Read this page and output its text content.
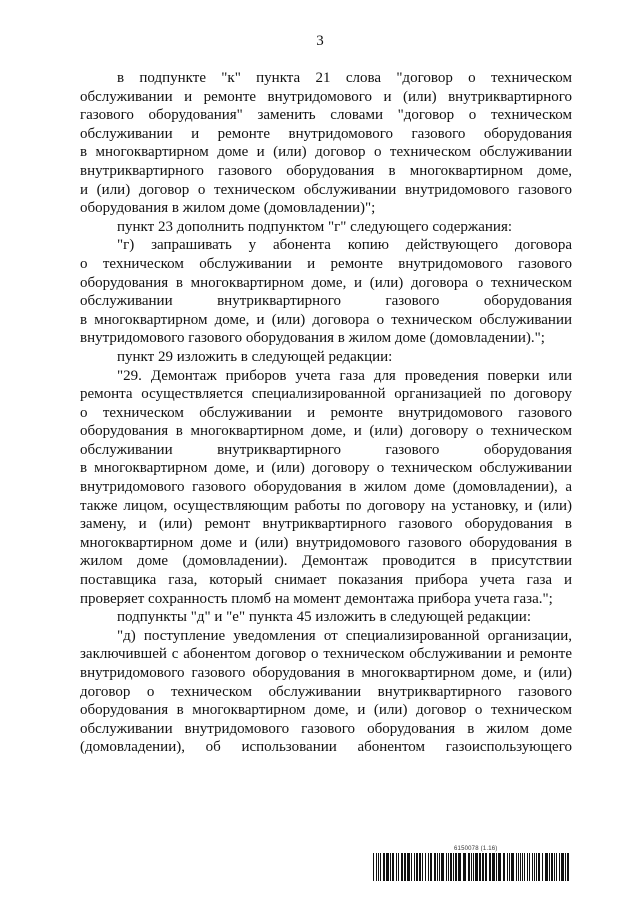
3
в подпунктe "к" пункта 21 слова "договор о техническом
обслуживании и ремонте внутридомового и (или) внутриквартирного
газового оборудования" заменить словами "договор о техническом
обслуживании и ремонте внутридомового газового оборудования
в многоквартирном доме и (или) договор о техническом обслуживании
внутриквартирного газового оборудования в многоквартирном доме,
и (или) договор о техническом обслуживании внутридомового газового
оборудования в жилом доме (домовладении)";
пункт 23 дополнить подпунктом "г" следующего содержания:
"г) запрашивать у абонента копию действующего договора
о техническом обслуживании и ремонте внутридомового газового
оборудования в многоквартирном доме, и (или) договора о техническом
обслуживании внутриквартирного газового оборудования
в многоквартирном доме, и (или) договора о техническом обслуживании
внутридомового газового оборудования в жилом доме (домовладении).";
пункт 29 изложить в следующей редакции:
"29. Демонтаж приборов учета газа для проведения поверки или
ремонта осуществляется специализированной организацией по договору
о техническом обслуживании и ремонте внутридомового газового
оборудования в многоквартирном доме, и (или) договору о техническом
обслуживании внутриквартирного газового оборудования
в многоквартирном доме, и (или) договору о техническом обслуживании
внутридомового газового оборудования в жилом доме (домовладении), а
также лицом, осуществляющим работы по договору на установку, и (или)
замену, и (или) ремонт внутриквартирного газового оборудования в
многоквартирном доме и (или) внутридомового газового оборудования в
жилом доме (домовладении). Демонтаж проводится в присутствии
поставщика газа, который снимает показания прибора учета газа и
проверяет сохранность пломб на момент демонтажа прибора учета газа.";
подпункты "д" и "е" пункта 45 изложить в следующей редакции:
"д) поступление уведомления от специализированной организации,
заключившей с абонентом договор о техническом обслуживании и ремонте
внутридомового газового оборудования в многоквартирном доме, и (или)
договор о техническом обслуживании внутриквартирного газового
оборудования в многоквартирном доме, и (или) договор о техническом
обслуживании внутридомового газового оборудования в жилом доме
(домовладении), об использовании абонентом газоиспользующего
6150078 (1.16)
